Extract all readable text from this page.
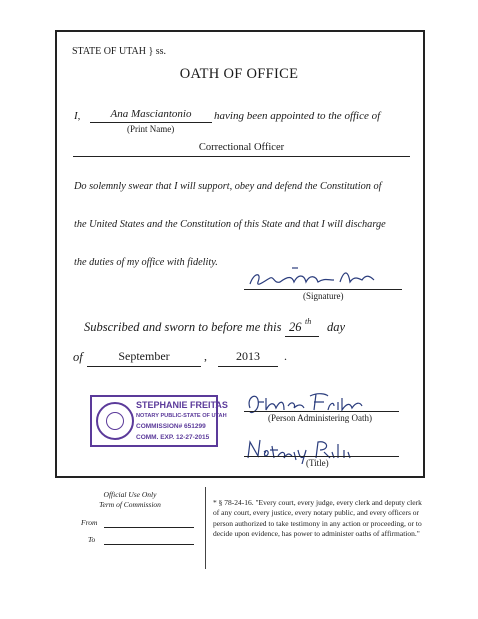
STATE OF UTAH } ss.
OATH OF OFFICE
I,	Ana Masciantonio	having been appointed to the office of
(Print Name)
Correctional Officer
Do solemnly swear that I will support, obey and defend the Constitution of
the United States and the Constitution of this State and that I will discharge
the duties of my office with fidelity.
(Signature)
Subscribed and sworn to before me this 26 th day
of	September	,	2013	.
STEPHANIE FREITAS
NOTARY PUBLIC-STATE OF UTAH
COMMISSION# 651299
COMM. EXP. 12-27-2015
(Person Administering Oath)
(Title)
Official Use Only
Term of Commission
From
To
* § 78-24-16. "Every court, every judge, every clerk and deputy clerk of any court, every justice, every notary public, and every officers or person authorized to take testimony in any action or proceeding, or to decide upon evidence, has power to administer oaths of affirmation."
